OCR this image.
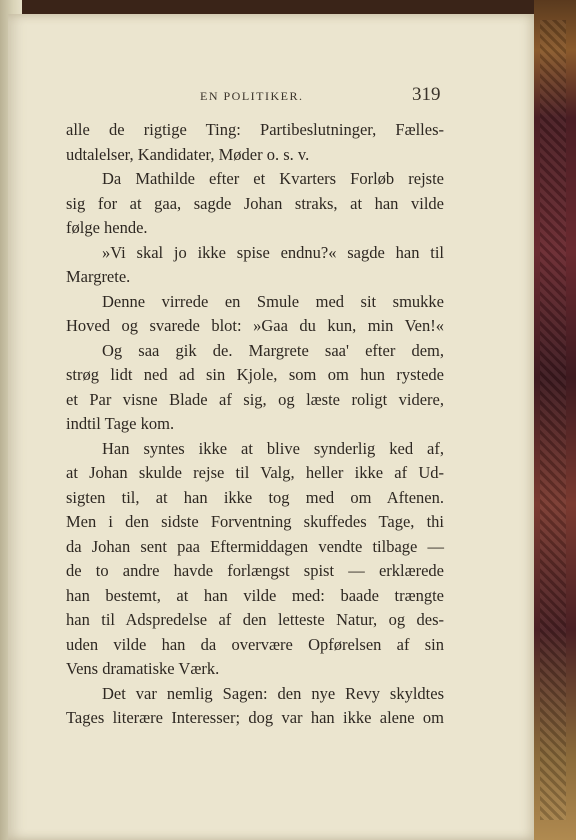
EN POLITIKER.	319
alle de rigtige Ting: Partibeslutninger, Fælles-
udtalelser, Kandidater, Møder o. s. v.
Da Mathilde efter et Kvarters Forløb rejste
sig for at gaa, sagde Johan straks, at han vilde
følge hende.
»Vi skal jo ikke spise endnu?« sagde han til
Margrete.
Denne virrede en Smule med sit smukke
Hoved og svarede blot: »Gaa du kun, min Ven!«
Og saa gik de. Margrete saa' efter dem,
strøg lidt ned ad sin Kjole, som om hun rystede
et Par visne Blade af sig, og læste roligt videre,
indtil Tage kom.
Han syntes ikke at blive synderlig ked af,
at Johan skulde rejse til Valg, heller ikke af Ud-
sigten til, at han ikke tog med om Aftenen.
Men i den sidste Forventning skuffedes Tage, thi
da Johan sent paa Eftermiddagen vendte tilbage —
de to andre havde forlængst spist — erklærede
han bestemt, at han vilde med: baade trængte
han til Adspredelse af den letteste Natur, og des-
uden vilde han da overvære Opførelsen af sin
Vens dramatiske Værk.
Det var nemlig Sagen: den nye Revy skyldtes
Tages literære Interesser; dog var han ikke alene om
